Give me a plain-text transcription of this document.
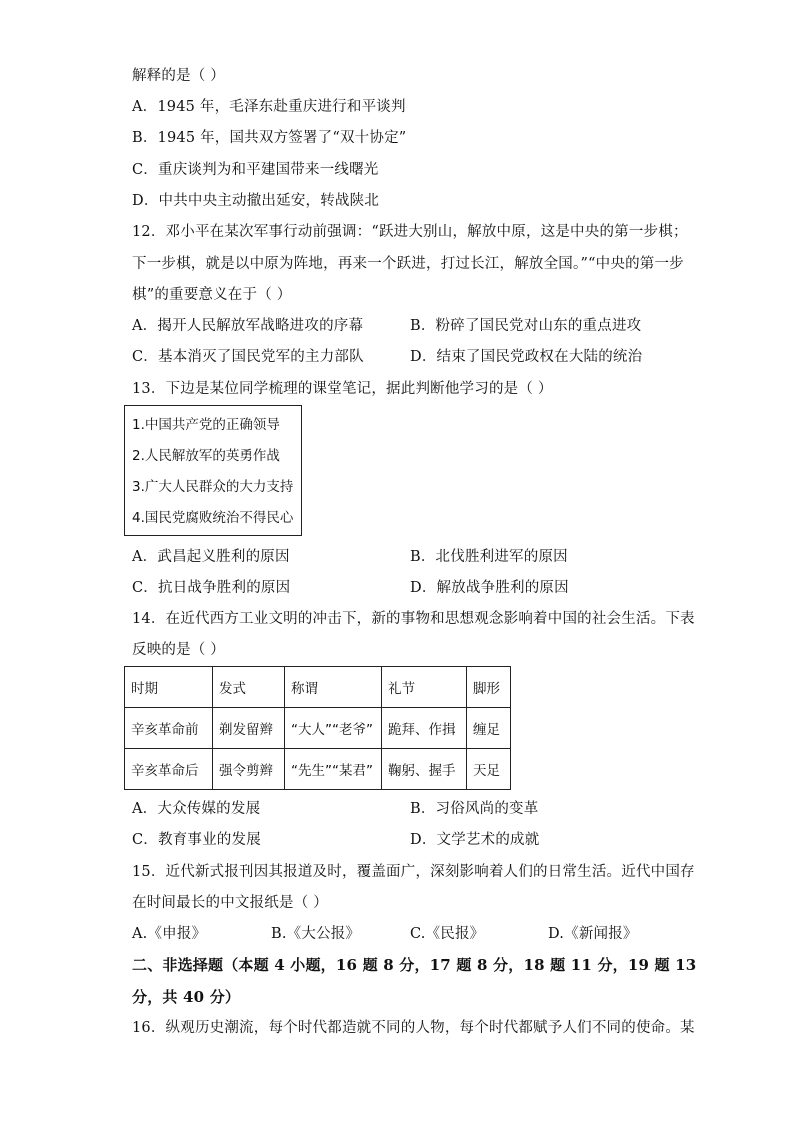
解释的是（ ）
A．1945 年，毛泽东赴重庆进行和平谈判
B．1945 年，国共双方签署了“双十协定”
C．重庆谈判为和平建国带来一线曙光
D．中共中央主动撤出延安，转战陕北
12．邓小平在某次军事行动前强调：“跃进大别山，解放中原，这是中央的第一步棋；
下一步棋，就是以中原为阵地，再来一个跃进，打过长江，解放全国。”“中央的第一步
棋”的重要意义在于（ ）
A．揭开人民解放军战略进攻的序幕	B．粉碎了国民党对山东的重点进攻
C．基本消灭了国民党军的主力部队	D．结束了国民党政权在大陆的统治
13．下边是某位同学梳理的课堂笔记，据此判断他学习的是（ ）
1.中国共产党的正确领导
2.人民解放军的英勇作战
3.广大人民群众的大力支持
4.国民党腐败统治不得民心
A．武昌起义胜利的原因	B．北伐胜利进军的原因
C．抗日战争胜利的原因	D．解放战争胜利的原因
14．在近代西方工业文明的冲击下，新的事物和思想观念影响着中国的社会生活。下表
反映的是（ ）
时期	发式	称谓	礼节	脚形
辛亥革命前	剃发留辫	“大人”“老爷”	跪拜、作揖	缠足
辛亥革命后	强令剪辫	“先生”“某君”	鞠躬、握手	天足
A．大众传媒的发展	B．习俗风尚的变革
C．教育事业的发展	D．文学艺术的成就
15．近代新式报刊因其报道及时，覆盖面广，深刻影响着人们的日常生活。近代中国存
在时间最长的中文报纸是（ ）
A.《申报》	B.《大公报》	C.《民报》	D.《新闻报》
二、非选择题（本题 4 小题，16 题 8 分，17 题 8 分，18 题 11 分，19 题 13
分，共 40 分）
16．纵观历史潮流，每个时代都造就不同的人物，每个时代都赋予人们不同的使命。某
